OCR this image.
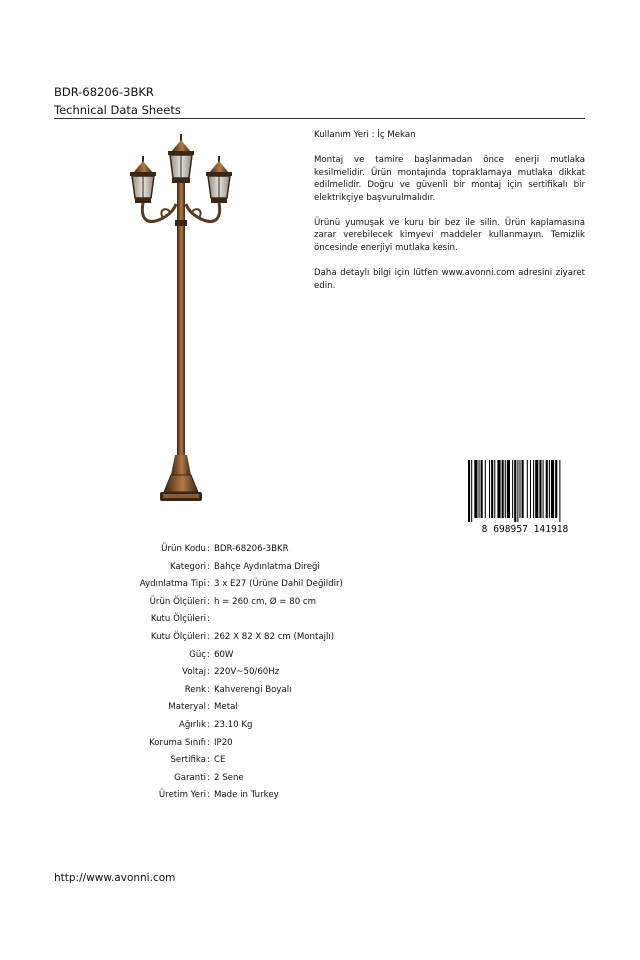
BDR-68206-3BKR
Technical Data Sheets

Kullanım Yeri : İç Mekan

Montaj ve tamire başlanmadan önce enerji mutlaka kesilmelidir. Ürün montajında topraklamaya mutlaka dikkat edilmelidir. Doğru ve güvenli bir montaj için sertifikalı bir elektrikçiye başvurulmalıdır.

Ürünü yumuşak ve kuru bir bez ile silin. Ürün kaplamasına zarar verebilecek kimyevi maddeler kullanmayın. Temizlik öncesinde enerjiyi mutlaka kesin.

Daha detaylı bilgi için lütfen www.avonni.com adresini ziyaret edin.

8 698957 141918
Ürün Kodu : BDR-68206-3BKR
Kategori : Bahçe Aydınlatma Direği
Aydınlatma Tipi : 3 x E27 (Ürüne Dahil Değildir)
Ürün Ölçüleri : h = 260 cm, Ø = 80 cm
Kutu Ölçüleri :
Kutu Ölçüleri : 262 X 82 X 82 cm (Montajlı)
Güç : 60W
Voltaj : 220V~50/60Hz
Renk : Kahverengi Boyalı
Materyal : Metal
Ağırlık : 23.10 Kg
Koruma Sınıfı : IP20
Sertifika : CE
Garanti : 2 Sene
Üretim Yeri : Made in Turkey
http://www.avonni.com
